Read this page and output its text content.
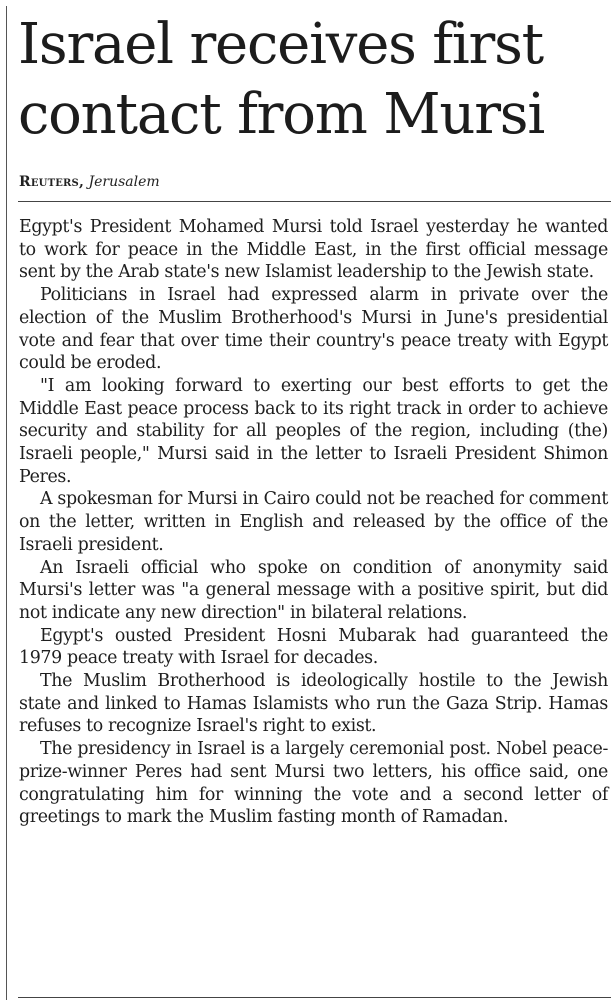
Israel receives first contact from Mursi
Reuters, Jerusalem

Egypt's President Mohamed Mursi told Israel yesterday he wanted to work for peace in the Middle East, in the first official message sent by the Arab state's new Islamist leadership to the Jewish state.

Politicians in Israel had expressed alarm in private over the election of the Muslim Brotherhood's Mursi in June's presidential vote and fear that over time their country's peace treaty with Egypt could be eroded.

"I am looking forward to exerting our best efforts to get the Middle East peace process back to its right track in order to achieve security and stability for all peoples of the region, including (the) Israeli people," Mursi said in the letter to Israeli President Shimon Peres.

A spokesman for Mursi in Cairo could not be reached for comment on the letter, written in English and released by the office of the Israeli president.

An Israeli official who spoke on condition of anonymity said Mursi's letter was "a general message with a positive spirit, but did not indicate any new direction" in bilateral relations.

Egypt's ousted President Hosni Mubarak had guaranteed the 1979 peace treaty with Israel for decades.

The Muslim Brotherhood is ideologically hostile to the Jewish state and linked to Hamas Islamists who run the Gaza Strip. Hamas refuses to recognize Israel's right to exist.

The presidency in Israel is a largely ceremonial post. Nobel peace-prize-winner Peres had sent Mursi two letters, his office said, one congratulating him for winning the vote and a second letter of greetings to mark the Muslim fasting month of Ramadan.
